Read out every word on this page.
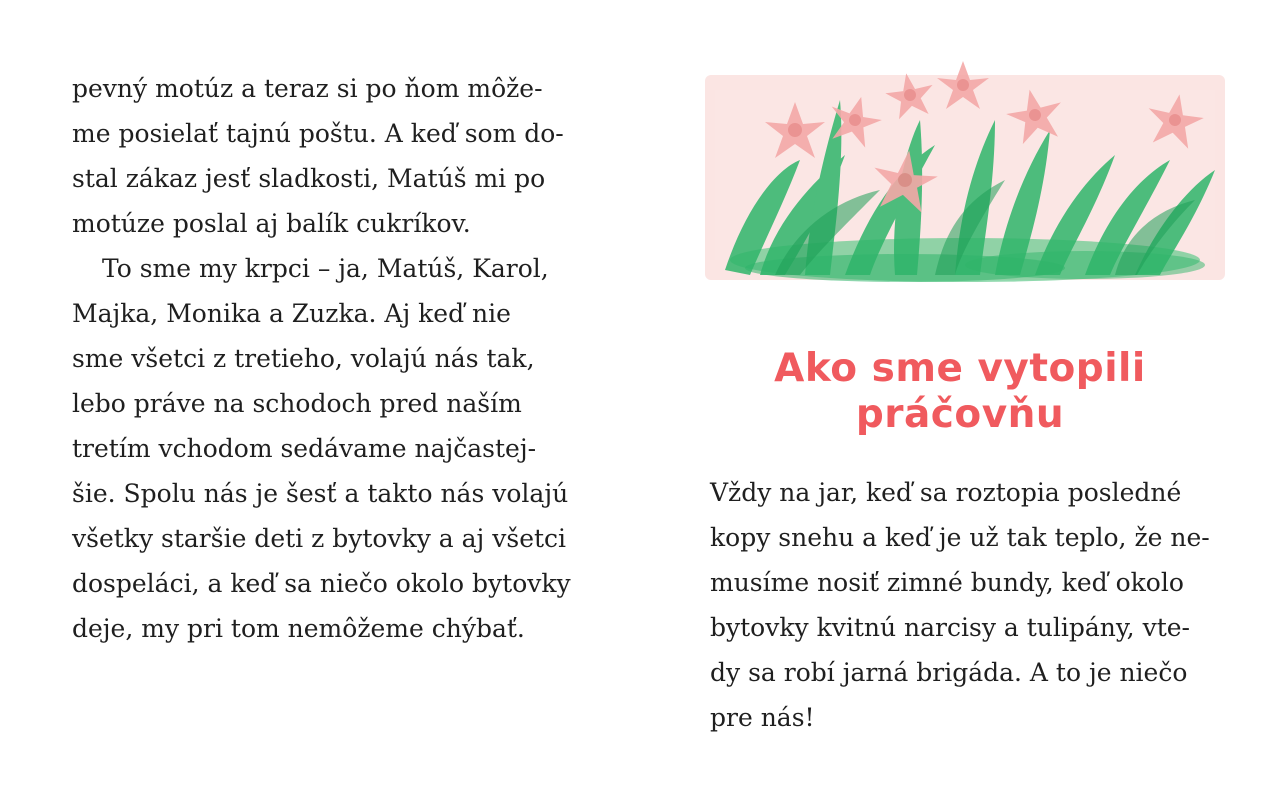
pevný motúz a teraz si po ňom môže-
me posielať tajnú poštu. A keď som do-
stal zákaz jesť sladkosti, Matúš mi po
motúze poslal aj balík cukríkov.
To sme my krpci – ja, Matúš, Karol,
Majka, Monika a Zuzka. Aj keď nie
sme všetci z tretieho, volajú nás tak,
lebo práve na schodoch pred naším
tretím vchodom sedávame najčastej-
šie. Spolu nás je šesť a takto nás volajú
všetky staršie deti z bytovky a aj všetci
dospeláci, a keď sa niečo okolo bytovky
deje, my pri tom nemôžeme chýbať.
Ako sme vytopili
práčovňu
Vždy na jar, keď sa roztopia posledné
kopy snehu a keď je už tak teplo, že ne-
musíme nosiť zimné bundy, keď okolo
bytovky kvitnú narcisy a tulipány, vte-
dy sa robí jarná brigáda. A to je niečo
pre nás!
